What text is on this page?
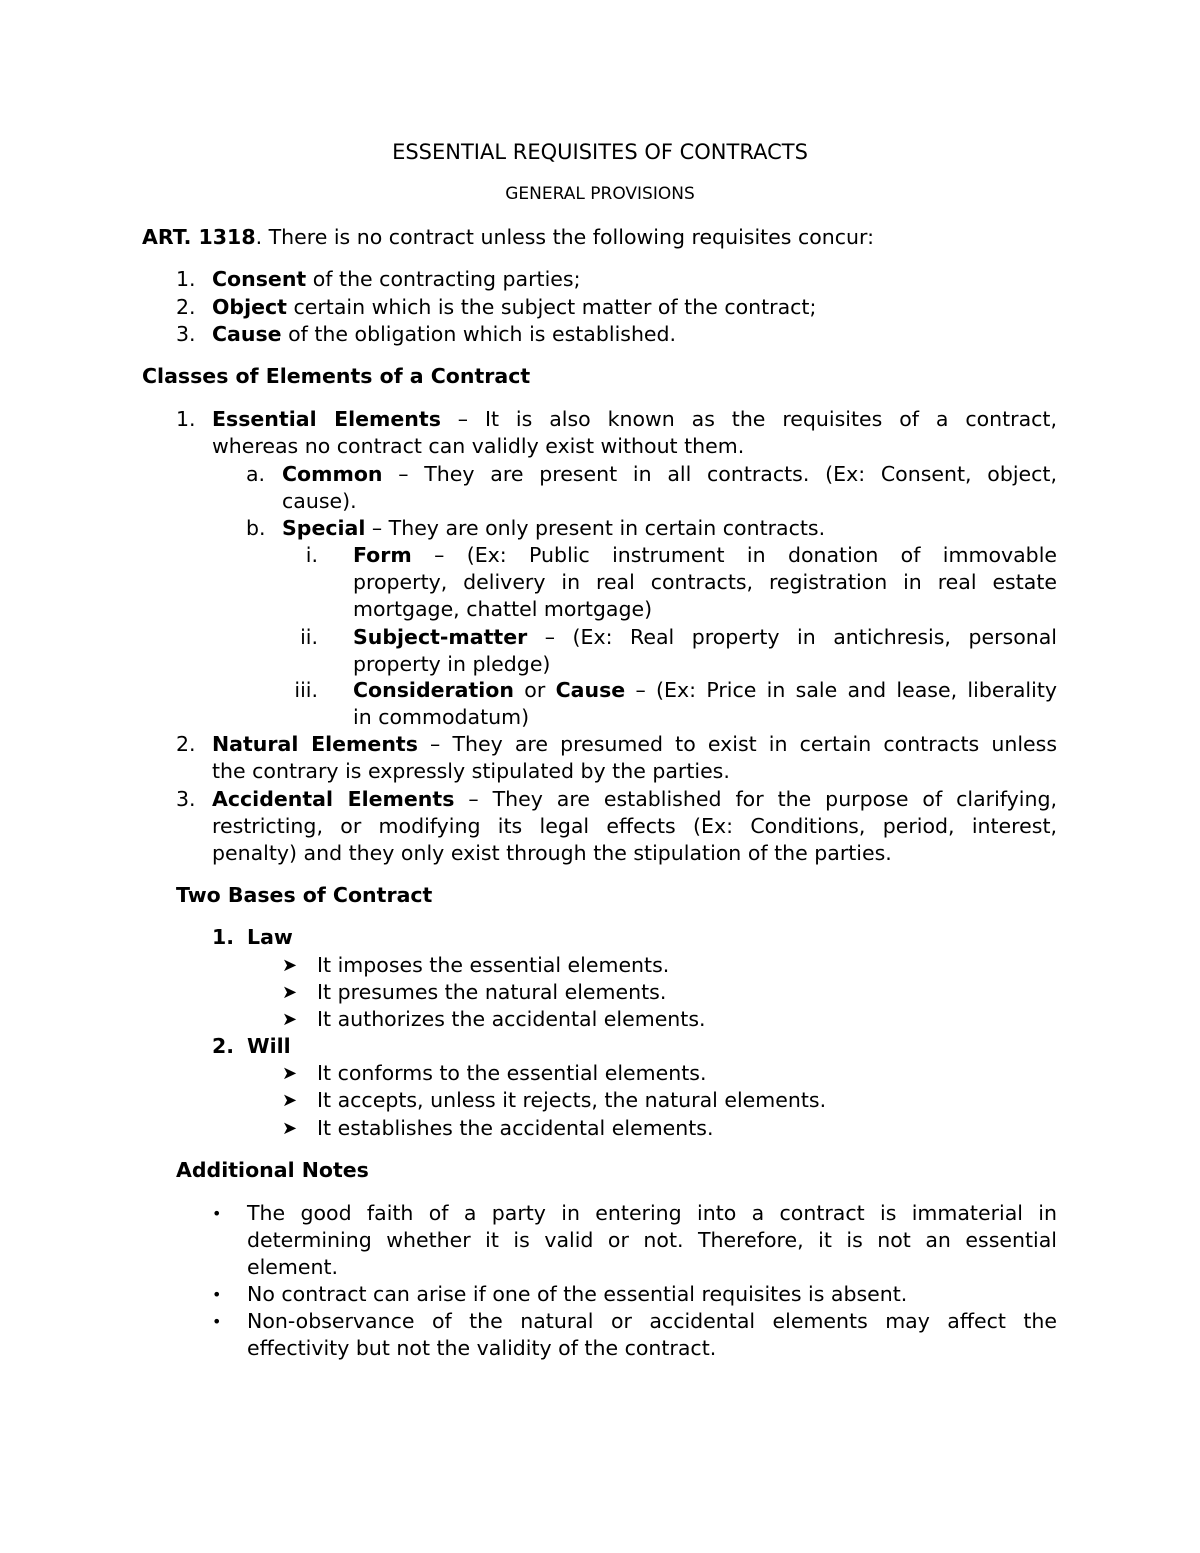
ESSENTIAL REQUISITES OF CONTRACTS
GENERAL PROVISIONS
ART. 1318. There is no contract unless the following requisites concur:
1. Consent of the contracting parties;
2. Object certain which is the subject matter of the contract;
3. Cause of the obligation which is established.
Classes of Elements of a Contract
1. Essential Elements – It is also known as the requisites of a contract,
whereas no contract can validly exist without them.
a. Common – They are present in all contracts. (Ex: Consent, object,
cause).
b. Special – They are only present in certain contracts.
i. Form – (Ex: Public instrument in donation of immovable
property, delivery in real contracts, registration in real estate
mortgage, chattel mortgage)
ii. Subject-matter – (Ex: Real property in antichresis, personal
property in pledge)
iii. Consideration or Cause – (Ex: Price in sale and lease, liberality
in commodatum)
2. Natural Elements – They are presumed to exist in certain contracts unless
the contrary is expressly stipulated by the parties.
3. Accidental Elements – They are established for the purpose of clarifying,
restricting, or modifying its legal effects (Ex: Conditions, period, interest,
penalty) and they only exist through the stipulation of the parties.
Two Bases of Contract
1. Law
➤ It imposes the essential elements.
➤ It presumes the natural elements.
➤ It authorizes the accidental elements.
2. Will
➤ It conforms to the essential elements.
➤ It accepts, unless it rejects, the natural elements.
➤ It establishes the accidental elements.
Additional Notes
• The good faith of a party in entering into a contract is immaterial in
determining whether it is valid or not. Therefore, it is not an essential
element.
• No contract can arise if one of the essential requisites is absent.
• Non-observance of the natural or accidental elements may affect the
effectivity but not the validity of the contract.
